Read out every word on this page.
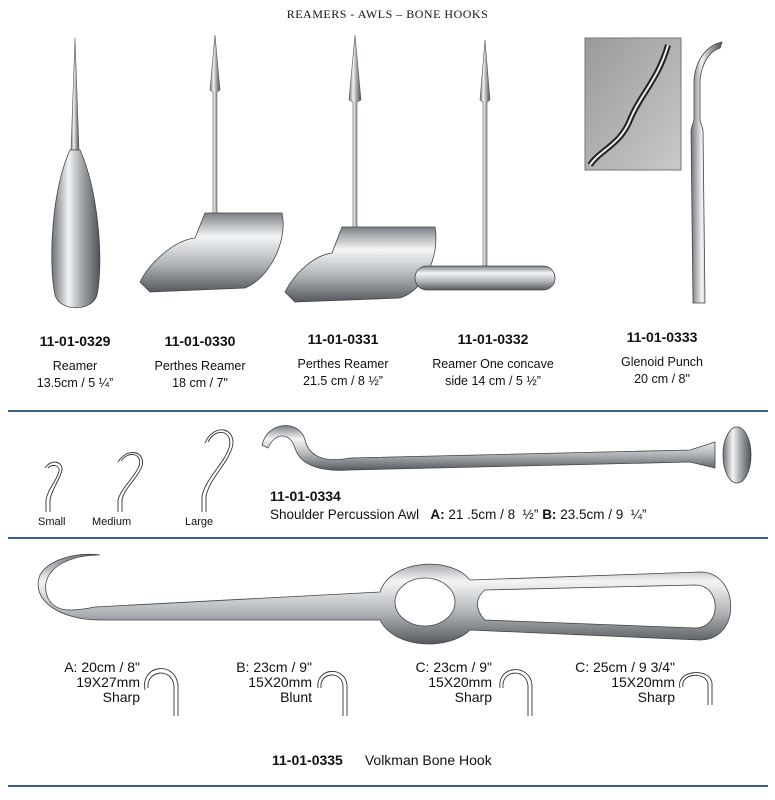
REAMERS - AWLS – BONE HOOKS
11-01-0329
Reamer
13.5cm / 5 ¼”
11-01-0330
Perthes Reamer
18 cm / 7"
11-01-0331
Perthes Reamer
21.5 cm / 8 ½”
11-01-0332
Reamer One concave
side 14 cm / 5 ½”
11-01-0333
Glenoid Punch
20 cm / 8"
Small Medium	Large
11-01-0334
Shoulder Percussion Awl A: 21 .5cm / 8  ½” B: 23.5cm / 9  ¼”
A: 20cm / 8"
19X27mm
Sharp
B: 23cm / 9"
15X20mm
Blunt
C: 23cm / 9"
15X20mm
Sharp
C: 25cm / 9 3/4"
15X20mm
Sharp
11-01-0335 Volkman Bone Hook
